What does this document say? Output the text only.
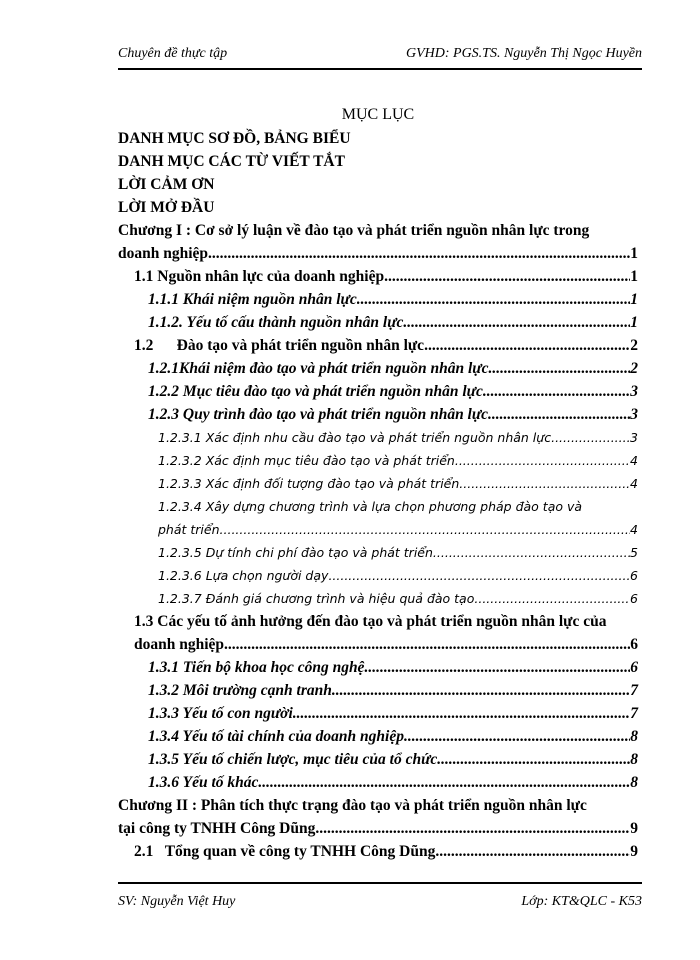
Chuyên đề thực tập	GVHD: PGS.TS. Nguyễn Thị Ngọc Huyền
MỤC LỤC
DANH MỤC SƠ ĐỒ, BẢNG BIỂU
DANH MỤC CÁC TỪ VIẾT TẮT
LỜI CẢM ƠN
LỜI MỞ ĐẦU
Chương I : Cơ sở lý luận về đào tạo và phát triển nguồn nhân lực trong
doanh nghiệp .....	1
1.1 Nguồn nhân lực của doanh nghiệp .....	1
1.1.1 Khái niệm nguồn nhân lực .....	1
1.1.2. Yếu tố cấu thành nguồn nhân lực .....	1
1.2      Đào tạo và phát triển nguồn nhân lực .....	2
1.2.1Khái niệm đào tạo và phát triển nguồn nhân lực .....	2
1.2.2 Mục tiêu đào tạo và phát triển nguồn nhân lực .....	3
1.2.3 Quy trình đào tạo và phát triển nguồn nhân lực .....	3
1.2.3.1 Xác định nhu cầu đào tạo và phát triển nguồn nhân lực .....	3
1.2.3.2 Xác định mục tiêu đào tạo và phát triển .....	4
1.2.3.3 Xác định đối tượng đào tạo và phát triển .....	4
1.2.3.4 Xây dựng chương trình và lựa chọn phương pháp đào tạo và
phát triển .....	4
1.2.3.5 Dự tính chi phí đào tạo và phát triển .....	5
1.2.3.6 Lựa chọn người dạy .....	6
1.2.3.7 Đánh giá chương trình và hiệu quả đào tạo .....	6
1.3 Các yếu tố ảnh hưởng đến đào tạo và phát triển nguồn nhân lực của
doanh nghiệp .....	6
1.3.1 Tiến bộ khoa học công nghệ .....	6
1.3.2 Môi trường cạnh tranh .....	7
1.3.3 Yếu tố con người .....	7
1.3.4 Yếu tố tài chính của doanh nghiệp .....	8
1.3.5 Yếu tố chiến lược, mục tiêu của tổ chức .....	8
1.3.6 Yếu tố khác .....	8
Chương II : Phân tích thực trạng đào tạo và phát triển nguồn nhân lực
tại công ty TNHH Công Dũng .....	9
2.1   Tổng quan về công ty TNHH Công Dũng .....	9
SV: Nguyễn Việt Huy	Lớp: KT&QLC - K53
